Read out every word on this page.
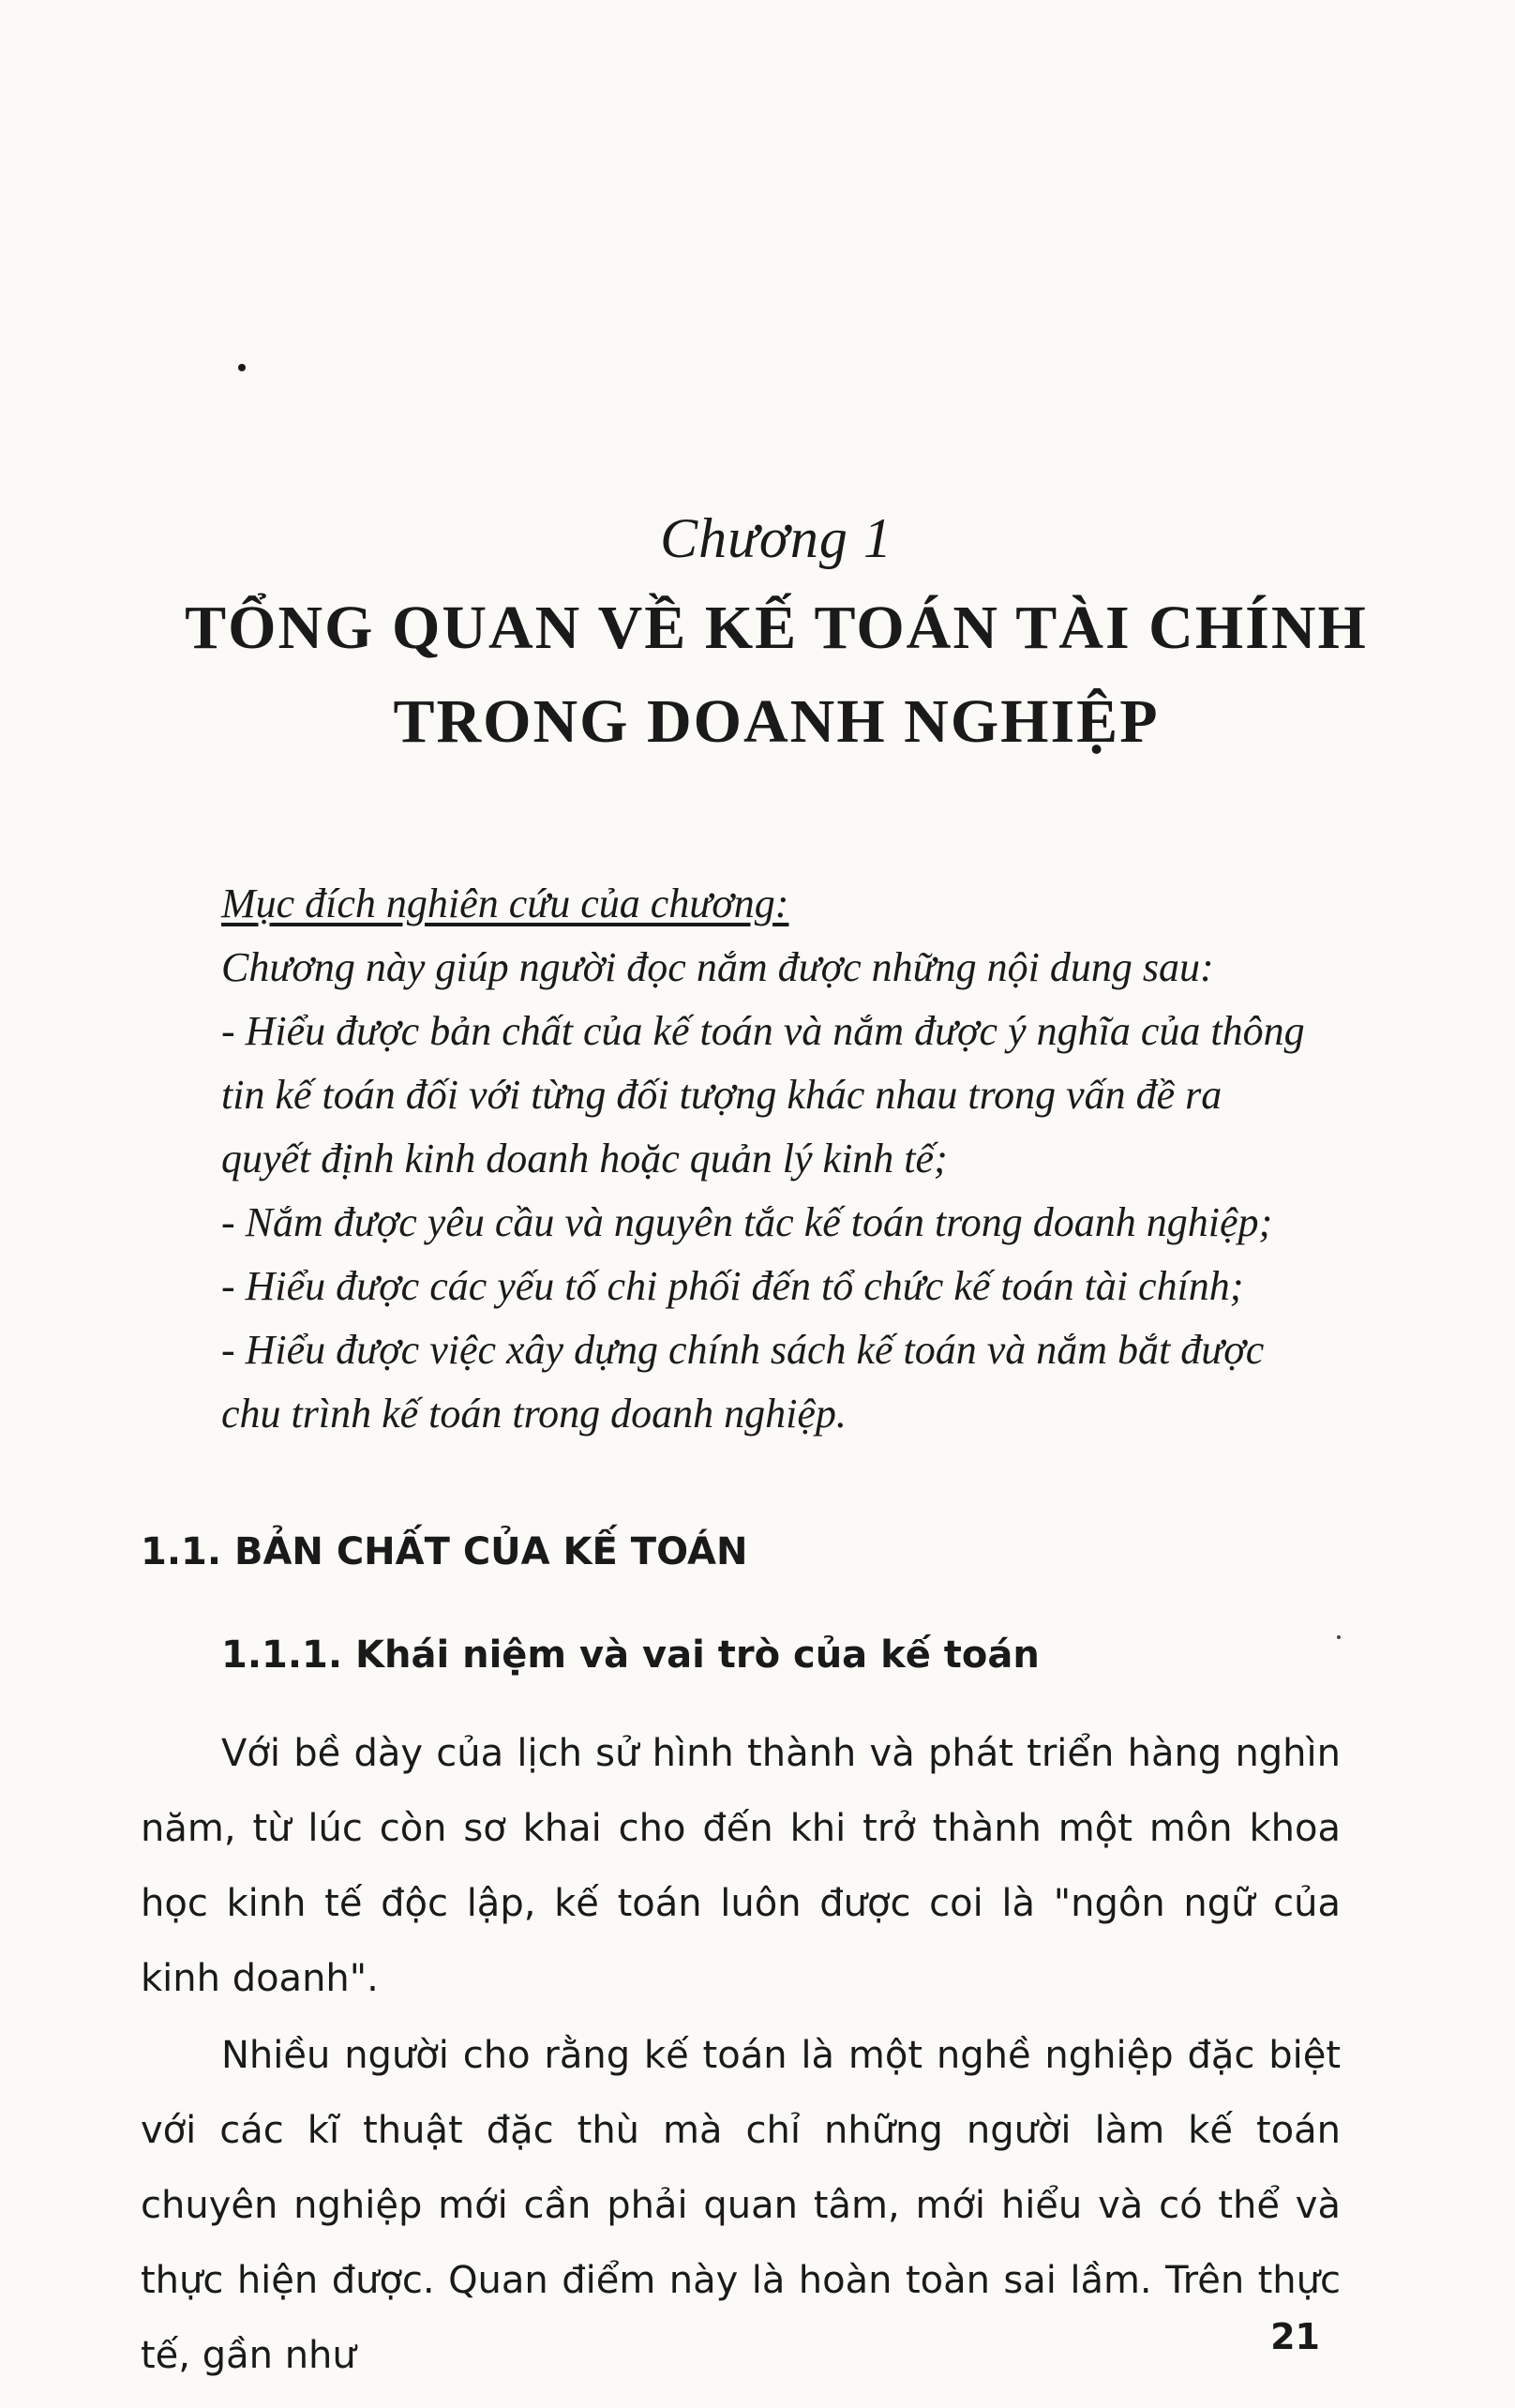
Chương 1
TỔNG QUAN VỀ KẾ TOÁN TÀI CHÍNH
TRONG DOANH NGHIỆP
Mục đích nghiên cứu của chương:
Chương này giúp người đọc nắm được những nội dung sau:
- Hiểu được bản chất của kế toán và nắm được ý nghĩa của thông
tin kế toán đối với từng đối tượng khác nhau trong vấn đề ra
quyết định kinh doanh hoặc quản lý kinh tế;
- Nắm được yêu cầu và nguyên tắc kế toán trong doanh nghiệp;
- Hiểu được các yếu tố chi phối đến tổ chức kế toán tài chính;
- Hiểu được việc xây dựng chính sách kế toán và nắm bắt được
chu trình kế toán trong doanh nghiệp.
1.1. BẢN CHẤT CỦA KẾ TOÁN
1.1.1. Khái niệm và vai trò của kế toán
Với bề dày của lịch sử hình thành và phát triển hàng nghìn năm, từ lúc còn sơ khai cho đến khi trở thành một môn khoa học kinh tế độc lập, kế toán luôn được coi là "ngôn ngữ của kinh doanh".
Nhiều người cho rằng kế toán là một nghề nghiệp đặc biệt với các kĩ thuật đặc thù mà chỉ những người làm kế toán chuyên nghiệp mới cần phải quan tâm, mới hiểu và có thể và thực hiện được. Quan điểm này là hoàn toàn sai lầm. Trên thực tế, gần như	21
